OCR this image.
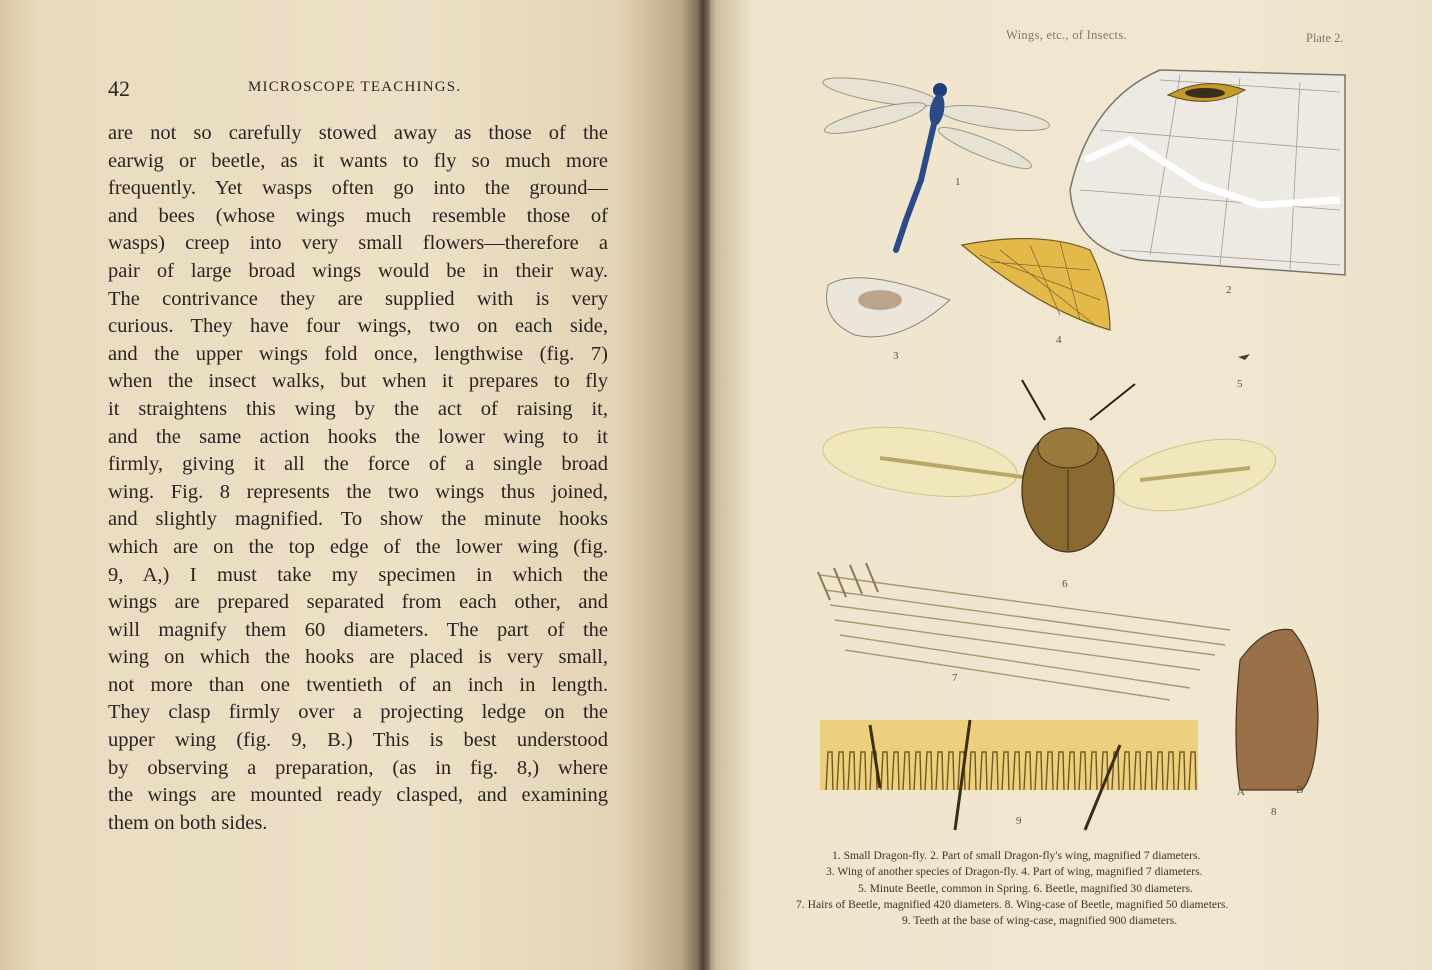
42	MICROSCOPE TEACHINGS.
are not so carefully stowed away as those of the
earwig or beetle, as it wants to fly so much more
frequently. Yet wasps often go into the ground—
and bees (whose wings much resemble those of
wasps) creep into very small flowers—therefore a
pair of large broad wings would be in their way.
The contrivance they are supplied with is very
curious. They have four wings, two on each side,
and the upper wings fold once, lengthwise (fig. 7)
when the insect walks, but when it prepares to fly
it straightens this wing by the act of raising it,
and the same action hooks the lower wing to it
firmly, giving it all the force of a single broad
wing. Fig. 8 represents the two wings thus joined,
and slightly magnified. To show the minute hooks
which are on the top edge of the lower wing (fig.
9, A,) I must take my specimen in which the
wings are prepared separated from each other, and
will magnify them 60 diameters. The part of the
wing on which the hooks are placed is very small,
not more than one twentieth of an inch in length.
They clasp firmly over a projecting ledge on the
upper wing (fig. 9, B.) This is best understood
by observing a preparation, (as in fig. 8,) where
the wings are mounted ready clasped, and examining
them on both sides.
Wings, etc., of Insects.	Plate 2.
1
2
3
4
5
6
7
8
9
A	B
1. Small Dragon-fly. 2. Part of small Dragon-fly's wing, magnified 7 diameters.
3. Wing of another species of Dragon-fly. 4. Part of wing, magnified 7 diameters.
5. Minute Beetle, common in Spring. 6. Beetle, magnified 30 diameters.
7. Hairs of Beetle, magnified 420 diameters. 8. Wing-case of Beetle, magnified 50 diameters.
9. Teeth at the base of wing-case, magnified 900 diameters.
